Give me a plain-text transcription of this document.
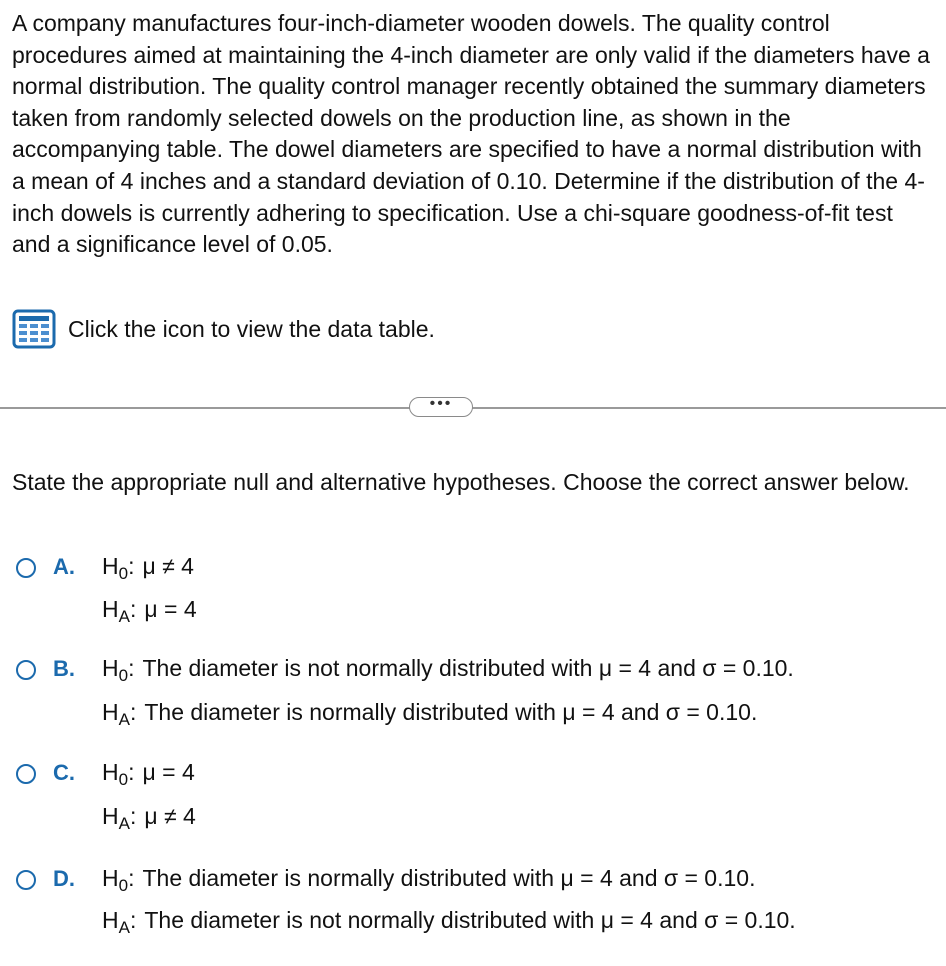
A company manufactures four-inch-diameter wooden dowels. The quality control procedures aimed at maintaining the 4-inch diameter are only valid if the diameters have a normal distribution. The quality control manager recently obtained the summary diameters taken from randomly selected dowels on the production line, as shown in the accompanying table. The dowel diameters are specified to have a normal distribution with a mean of 4 inches and a standard deviation of 0.10. Determine if the distribution of the 4-inch dowels is currently adhering to specification. Use a chi-square goodness-of-fit test and a significance level of 0.05.

Click the icon to view the data table.
•••

State the appropriate null and alternative hypotheses. Choose the correct answer below.

A. $H_0$: μ ≠ 4
$H_A$: μ = 4
B. $H_0$: The diameter is not normally distributed with μ = 4 and σ = 0.10.
$H_A$: The diameter is normally distributed with μ = 4 and σ = 0.10.
C. $H_0$: μ = 4
$H_A$: μ ≠ 4
D. $H_0$: The diameter is normally distributed with μ = 4 and σ = 0.10.
$H_A$: The diameter is not normally distributed with μ = 4 and σ = 0.10.
